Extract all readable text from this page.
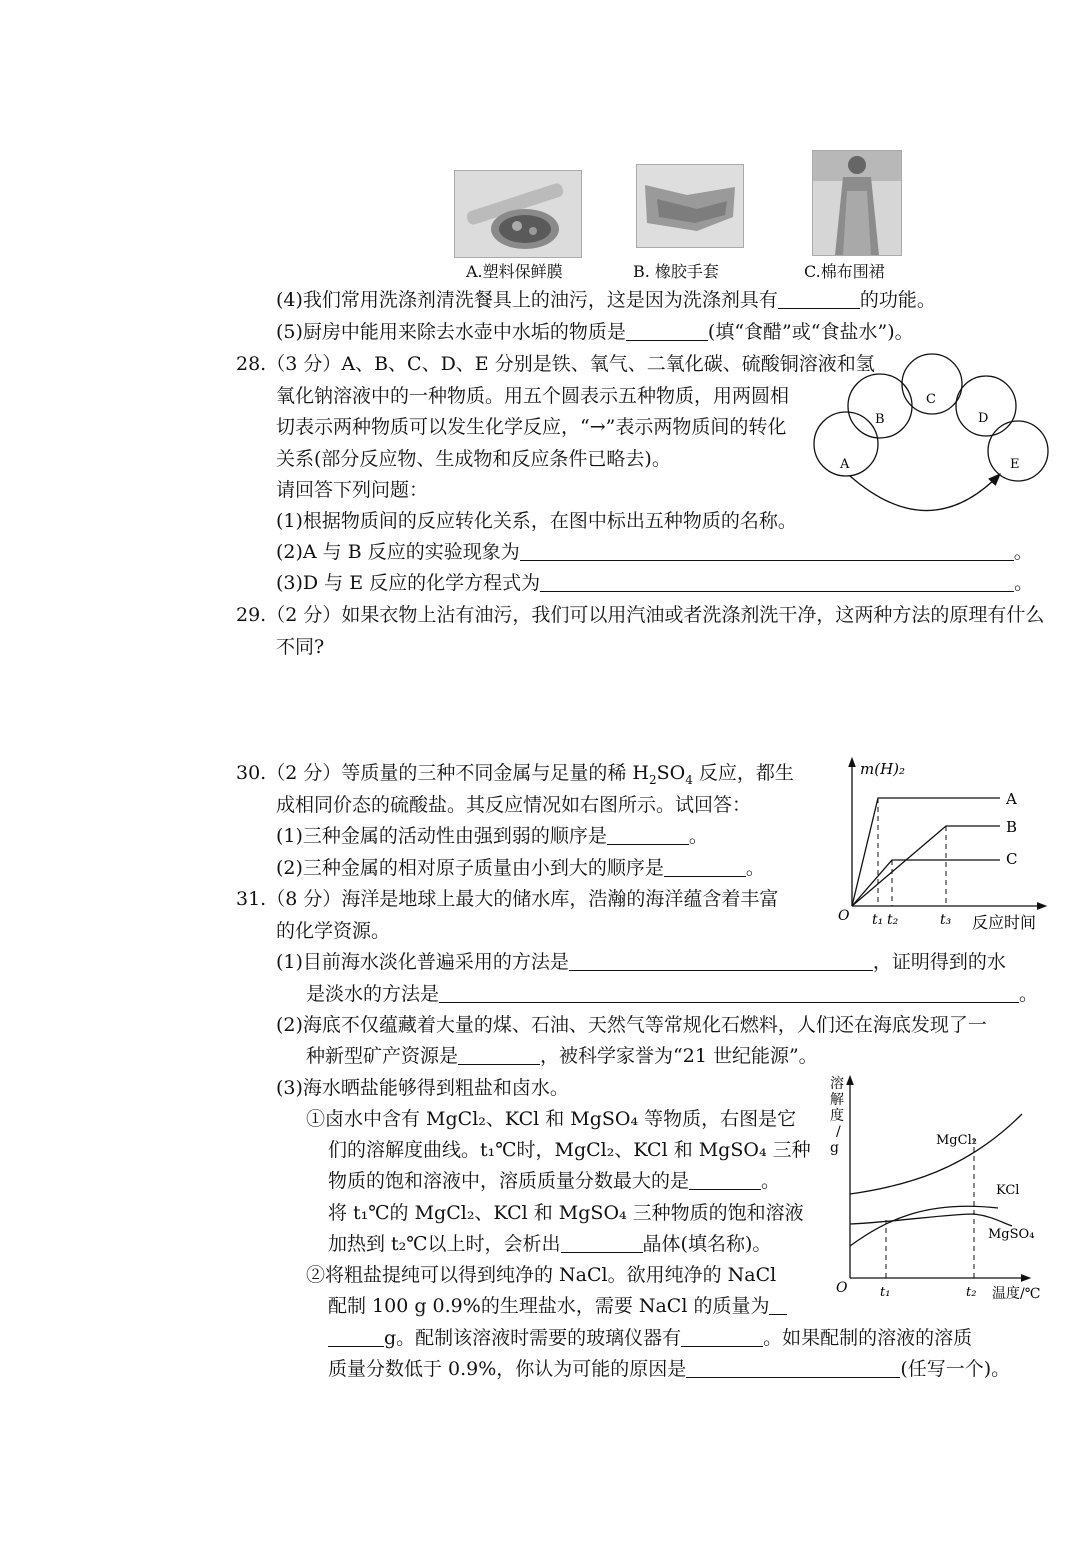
A.塑料保鲜膜	B. 橡胶手套	C.棉布围裙
(4)我们常用洗涤剂清洗餐具上的油污，这是因为洗涤剂具有	的功能。
(5)厨房中能用来除去水壶中水垢的物质是	(填“食醋”或“食盐水”)。
28.（3 分）A、B、C、D、E 分别是铁、氧气、二氧化碳、硫酸铜溶液和氢
氧化钠溶液中的一种物质。用五个圆表示五种物质，用两圆相
切表示两种物质可以发生化学反应，“→”表示两物质间的转化
关系(部分反应物、生成物和反应条件已略去)。
请回答下列问题：
(1)根据物质间的反应转化关系，在图中标出五种物质的名称。
(2)A 与 B 反应的实验现象为	。
(3)D 与 E 反应的化学方程式为	。
A
B
C
D
E
29.（2 分）如果衣物上沾有油污，我们可以用汽油或者洗涤剂洗干净，这两种方法的原理有什么
不同?
30.（2 分）等质量的三种不同金属与足量的稀 $H_2SO_4$ 反应，都生
成相同价态的硫酸盐。其反应情况如右图所示。试回答：
(1)三种金属的活动性由强到弱的顺序是	。
(2)三种金属的相对原子质量由小到大的顺序是	。
m(H)₂
O	反应时间
t₁ t₂	t₃
A
B
C
31.（8 分）海洋是地球上最大的储水库，浩瀚的海洋蕴含着丰富
的化学资源。
(1)目前海水淡化普遍采用的方法是	，证明得到的水
是淡水的方法是	。
(2)海底不仅蕴藏着大量的煤、石油、天然气等常规化石燃料，人们还在海底发现了一
种新型矿产资源是	，被科学家誉为“21 世纪能源”。
(3)海水晒盐能够得到粗盐和卤水。
①卤水中含有 MgCl₂、KCl 和 MgSO₄ 等物质，右图是它
们的溶解度曲线。t₁℃时，MgCl₂、KCl 和 MgSO₄ 三种
物质的饱和溶液中，溶质质量分数最大的是	。
将 t₁℃的 MgCl₂、KCl 和 MgSO₄ 三种物质的饱和溶液
加热到 t₂℃以上时，会析出	晶体(填名称)。
②将粗盐提纯可以得到纯净的 NaCl。欲用纯净的 NaCl
配制 100 g 0.9%的生理盐水，需要 NaCl 的质量为
g。配制该溶液时需要的玻璃仪器有	。如果配制的溶液的溶质
质量分数低于 0.9%，你认为可能的原因是	(任写一个)。
溶解度/ g
O	温度/℃
t₁	t₂
MgCl₂
KCl
MgSO₄
